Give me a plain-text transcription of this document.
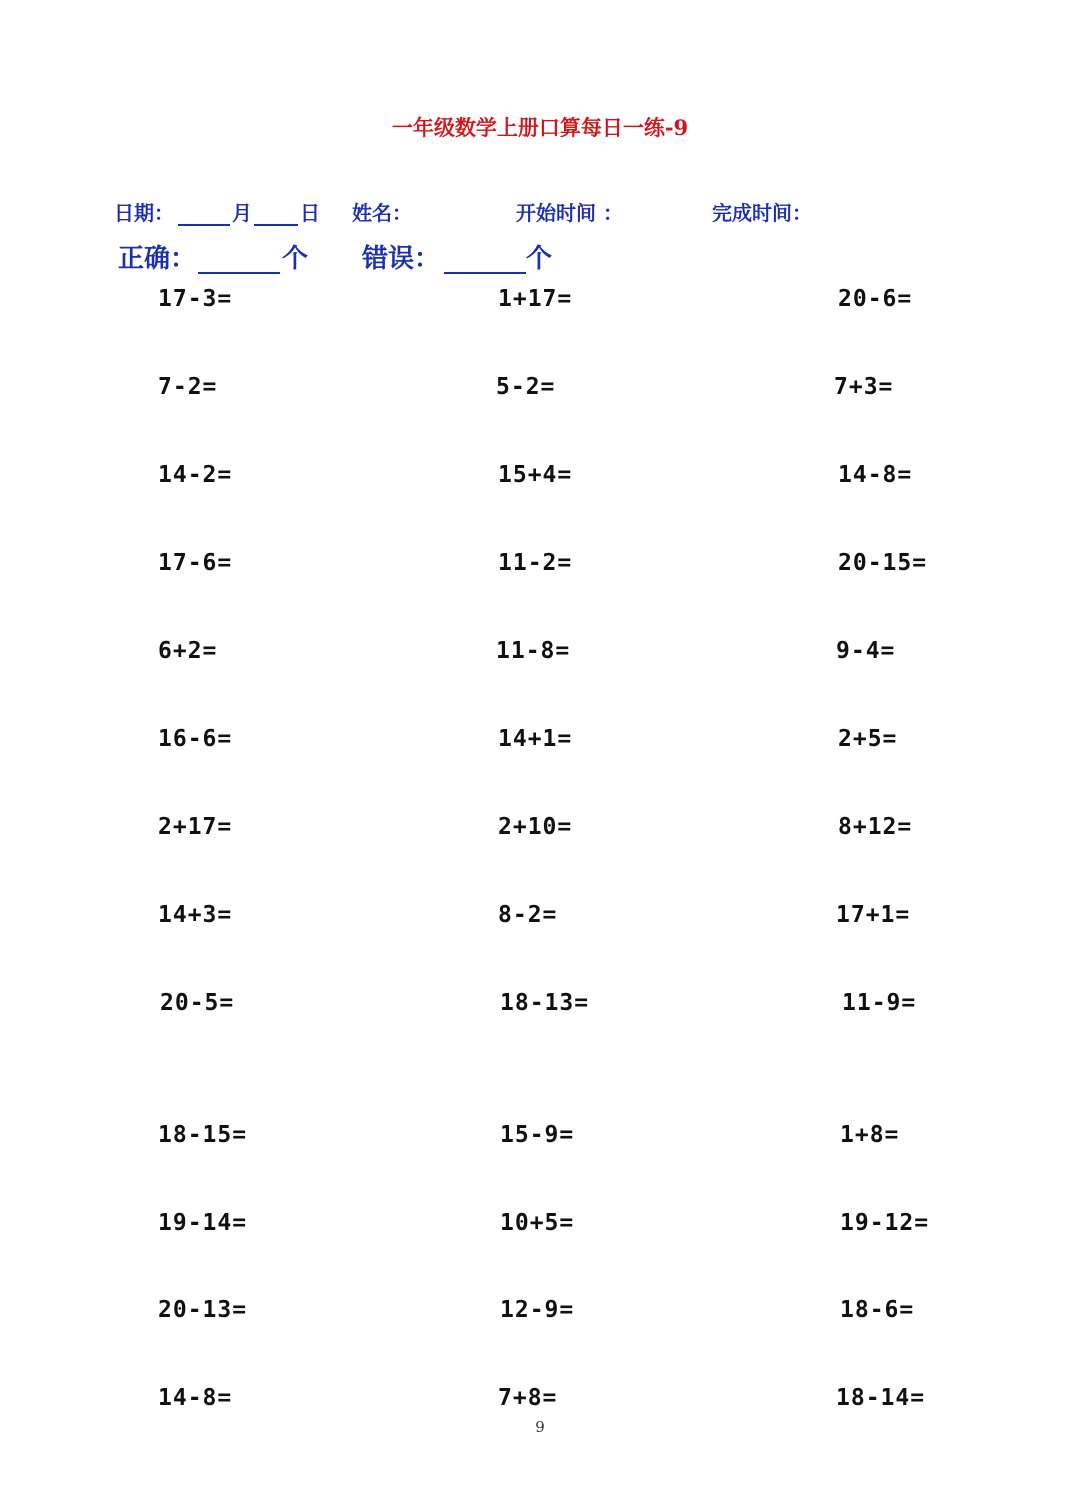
一年级数学上册口算每日一练-9
日期：	月 日 姓名：	开始时间 ：	完成时间：
正确：	个 错误：	个
17-3=	1+17=	20-6=
7-2=	5-2=	7+3=
14-2=	15+4=	14-8=
17-6=	11-2=	20-15=
6+2=	11-8=	9-4=
16-6=	14+1=	2+5=
2+17=	2+10=	8+12=
14+3=	8-2=	17+1=
20-5=	18-13=	11-9=
18-15=	15-9=	1+8=
19-14=	10+5=	19-12=
20-13=	12-9=	18-6=
14-8=	7+8=	18-14=
9
